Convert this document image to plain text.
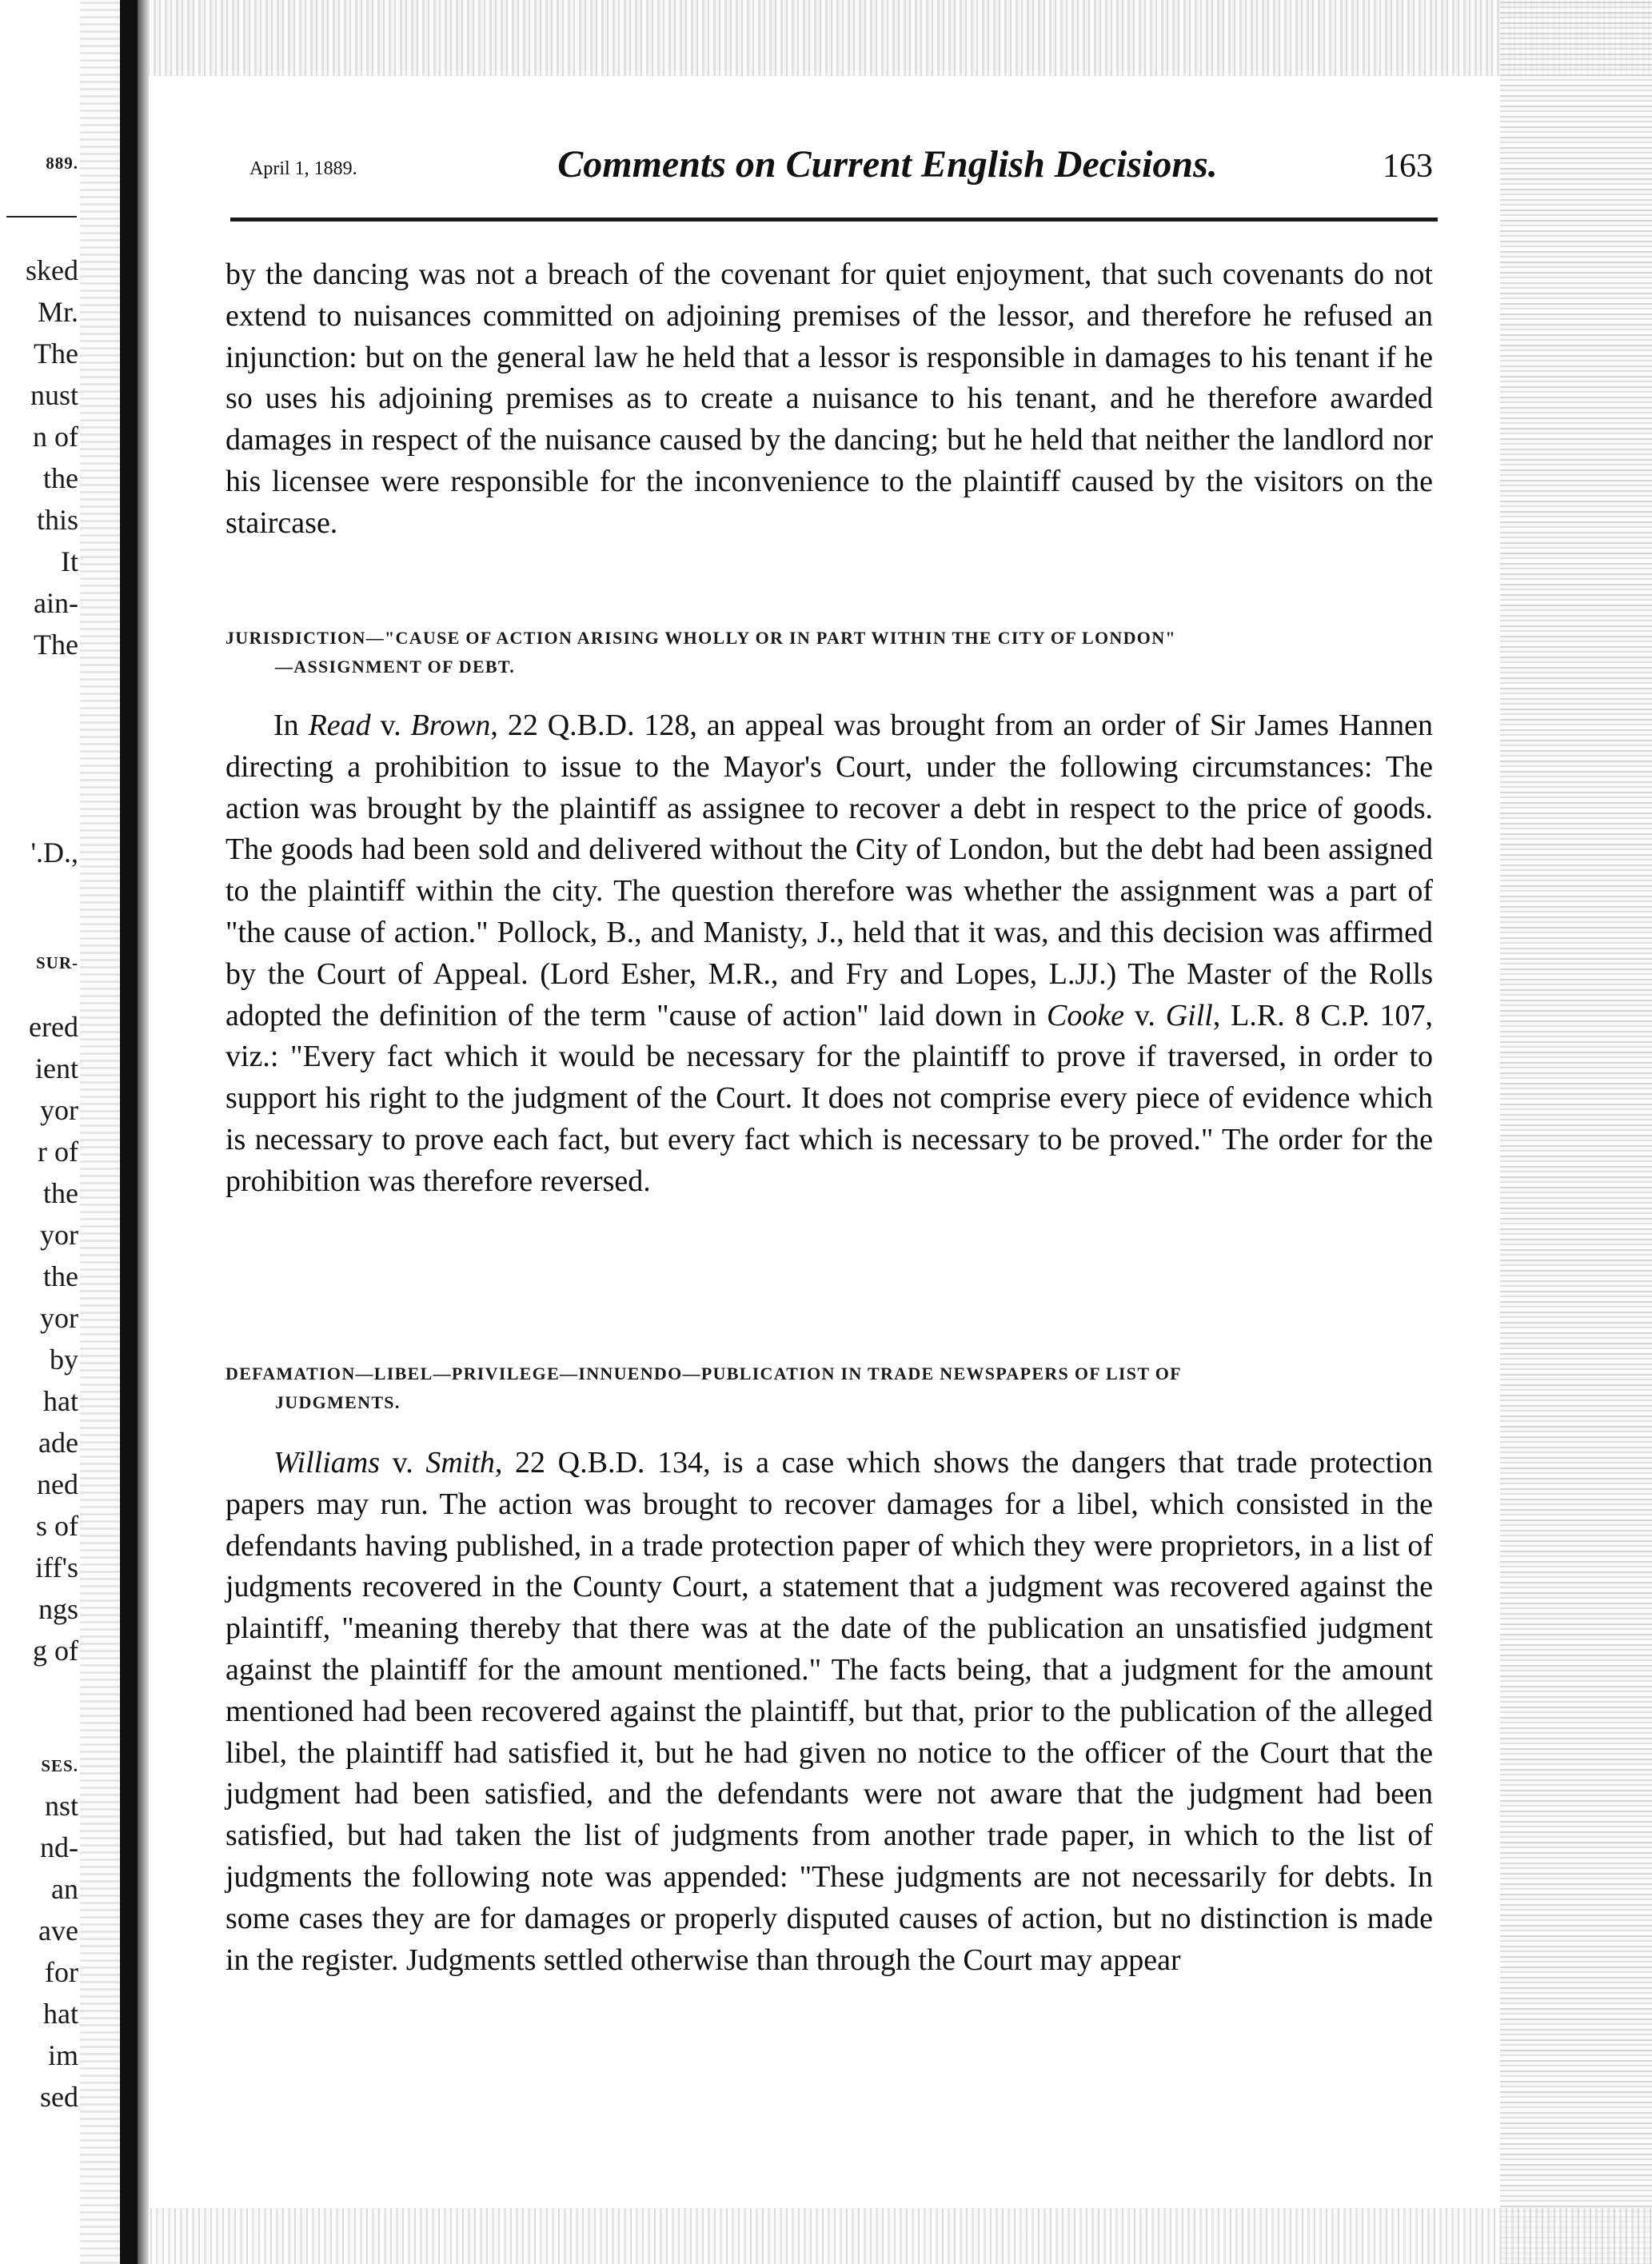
889.
sked
Mr.
The
nust
n of
the
this
It
ain-
The
'.D.,
SUR-
ered
ient
yor
r of
the
yor
the
yor
by
hat
ade
ned
s of
iff's
ngs
g of
SES.
nst
nd-
an
ave
for
hat
im
sed
April 1, 1889.	Comments on Current English Decisions.	163

by the dancing was not a breach of the covenant for quiet enjoyment, that such covenants do not extend to nuisances committed on adjoining premises of the lessor, and therefore he refused an injunction: but on the general law he held that a lessor is responsible in damages to his tenant if he so uses his adjoining premises as to create a nuisance to his tenant, and he therefore awarded damages in respect of the nuisance caused by the dancing; but he held that neither the landlord nor his licensee were responsible for the inconvenience to the plaintiff caused by the visitors on the staircase.

JURISDICTION—"CAUSE OF ACTION ARISING WHOLLY OR IN PART WITHIN THE CITY OF LONDON"
—ASSIGNMENT OF DEBT.

In Read v. Brown, 22 Q.B.D. 128, an appeal was brought from an order of Sir James Hannen directing a prohibition to issue to the Mayor's Court, under the following circumstances: The action was brought by the plaintiff as assignee to recover a debt in respect to the price of goods. The goods had been sold and delivered without the City of London, but the debt had been assigned to the plaintiff within the city. The question therefore was whether the assignment was a part of "the cause of action." Pollock, B., and Manisty, J., held that it was, and this decision was affirmed by the Court of Appeal. (Lord Esher, M.R., and Fry and Lopes, L.JJ.) The Master of the Rolls adopted the definition of the term "cause of action" laid down in Cooke v. Gill, L.R. 8 C.P. 107, viz.: "Every fact which it would be necessary for the plaintiff to prove if traversed, in order to support his right to the judgment of the Court. It does not comprise every piece of evidence which is necessary to prove each fact, but every fact which is necessary to be proved." The order for the prohibition was therefore reversed.

DEFAMATION—LIBEL—PRIVILEGE—INNUENDO—PUBLICATION IN TRADE NEWSPAPERS OF LIST OF
JUDGMENTS.

Williams v. Smith, 22 Q.B.D. 134, is a case which shows the dangers that trade protection papers may run. The action was brought to recover damages for a libel, which consisted in the defendants having published, in a trade protection paper of which they were proprietors, in a list of judgments recovered in the County Court, a statement that a judgment was recovered against the plaintiff, "meaning thereby that there was at the date of the publication an unsatisfied judgment against the plaintiff for the amount mentioned." The facts being, that a judgment for the amount mentioned had been recovered against the plaintiff, but that, prior to the publication of the alleged libel, the plaintiff had satisfied it, but he had given no notice to the officer of the Court that the judgment had been satisfied, and the defendants were not aware that the judgment had been satisfied, but had taken the list of judgments from another trade paper, in which to the list of judgments the following note was appended: "These judgments are not necessarily for debts. In some cases they are for damages or properly disputed causes of action, but no distinction is made in the register. Judgments settled otherwise than through the Court may appear
